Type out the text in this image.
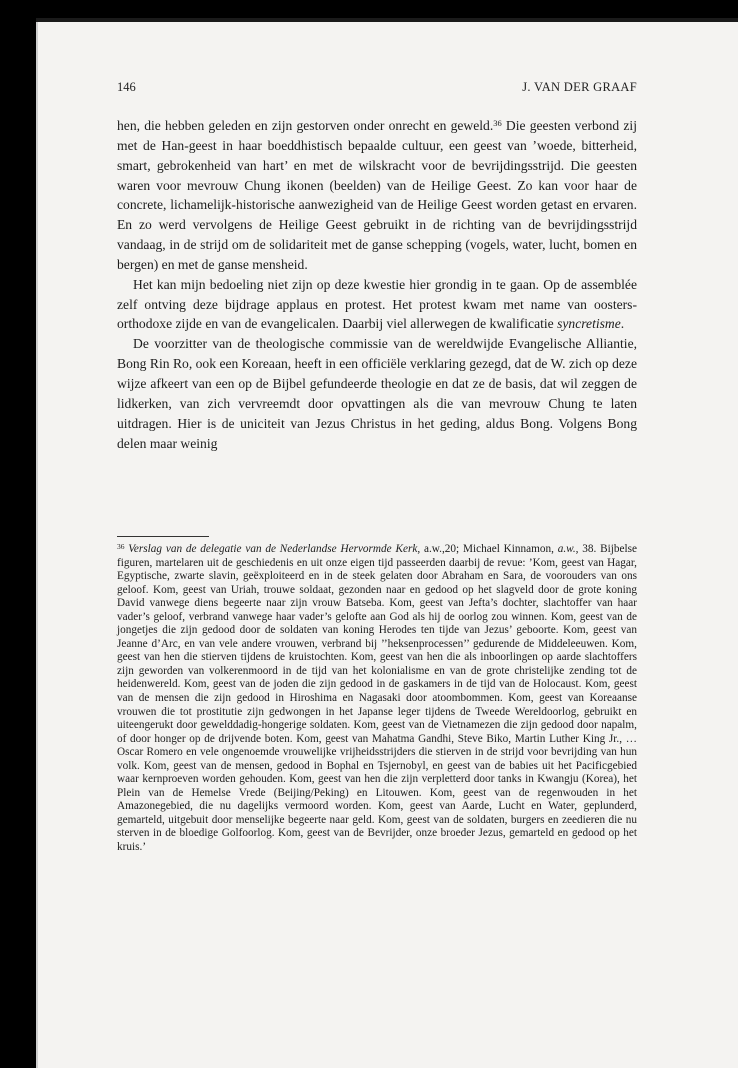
146	J. VAN DER GRAAF

hen, die hebben geleden en zijn gestorven onder onrecht en geweld.$^{36}$ Die geesten verbond zij met de Han-geest in haar boeddhistisch bepaalde cultuur, een geest van ’woede, bitterheid, smart, gebrokenheid van hart’ en met de wilskracht voor de bevrijdingsstrijd. Die geesten waren voor mevrouw Chung ikonen (beelden) van de Heilige Geest. Zo kan voor haar de concrete, lichamelijk-historische aanwezigheid van de Heilige Geest worden getast en ervaren. En zo werd vervolgens de Heilige Geest gebruikt in de richting van de bevrijdingsstrijd vandaag, in de strijd om de solidariteit met de ganse schepping (vogels, water, lucht, bomen en bergen) en met de ganse mensheid.

Het kan mijn bedoeling niet zijn op deze kwestie hier grondig in te gaan. Op de assemblée zelf ontving deze bijdrage applaus en protest. Het protest kwam met name van oosters-orthodoxe zijde en van de evangelicalen. Daarbij viel allerwegen de kwalificatie syncretisme.

De voorzitter van de theologische commissie van de wereldwijde Evangelische Alliantie, Bong Rin Ro, ook een Koreaan, heeft in een officiële verklaring gezegd, dat de W. zich op deze wijze afkeert van een op de Bijbel gefundeerde theologie en dat ze de basis, dat wil zeggen de lidkerken, van zich vervreemdt door opvattingen als die van mevrouw Chung te laten uitdragen. Hier is de uniciteit van Jezus Christus in het geding, aldus Bong. Volgens Bong delen maar weinig

$^{36}$ Verslag van de delegatie van de Nederlandse Hervormde Kerk, a.w.,20; Michael Kinnamon, a.w., 38. Bijbelse figuren, martelaren uit de geschiedenis en uit onze eigen tijd passeerden daarbij de revue: ’Kom, geest van Hagar, Egyptische, zwarte slavin, geëxploiteerd en in de steek gelaten door Abraham en Sara, de voorouders van ons geloof. Kom, geest van Uriah, trouwe soldaat, gezonden naar en gedood op het slagveld door de grote koning David vanwege diens begeerte naar zijn vrouw Batseba. Kom, geest van Jefta’s dochter, slachtoffer van haar vader’s geloof, verbrand vanwege haar vader’s gelofte aan God als hij de oorlog zou winnen. Kom, geest van de jongetjes die zijn gedood door de soldaten van koning Herodes ten tijde van Jezus’ geboorte. Kom, geest van Jeanne d’Arc, en van vele andere vrouwen, verbrand bij ’’heksenprocessen’’ gedurende de Middeleeuwen. Kom, geest van hen die stierven tijdens de kruistochten. Kom, geest van hen die als inboorlingen op aarde slachtoffers zijn geworden van volkerenmoord in de tijd van het kolonialisme en van de grote christelijke zending tot de heidenwereld. Kom, geest van de joden die zijn gedood in de gaskamers in de tijd van de Holocaust. Kom, geest van de mensen die zijn gedood in Hiroshima en Nagasaki door atoombommen. Kom, geest van Koreaanse vrouwen die tot prostitutie zijn gedwongen in het Japanse leger tijdens de Tweede Wereldoorlog, gebruikt en uiteengerukt door gewelddadig-hongerige soldaten. Kom, geest van de Vietnamezen die zijn gedood door napalm, of door honger op de drijvende boten. Kom, geest van Mahatma Gandhi, Steve Biko, Martin Luther King Jr., … Oscar Romero en vele ongenoemde vrouwelijke vrijheidsstrijders die stierven in de strijd voor bevrijding van hun volk. Kom, geest van de mensen, gedood in Bophal en Tsjernobyl, en geest van de babies uit het Pacificgebied waar kernproeven worden gehouden. Kom, geest van hen die zijn verpletterd door tanks in Kwangju (Korea), het Plein van de Hemelse Vrede (Beijing/Peking) en Litouwen. Kom, geest van de regenwouden in het Amazonegebied, die nu dagelijks vermoord worden. Kom, geest van Aarde, Lucht en Water, geplunderd, gemarteld, uitgebuit door menselijke begeerte naar geld. Kom, geest van de soldaten, burgers en zeedieren die nu sterven in de bloedige Golfoorlog. Kom, geest van de Bevrijder, onze broeder Jezus, gemarteld en gedood op het kruis.’
